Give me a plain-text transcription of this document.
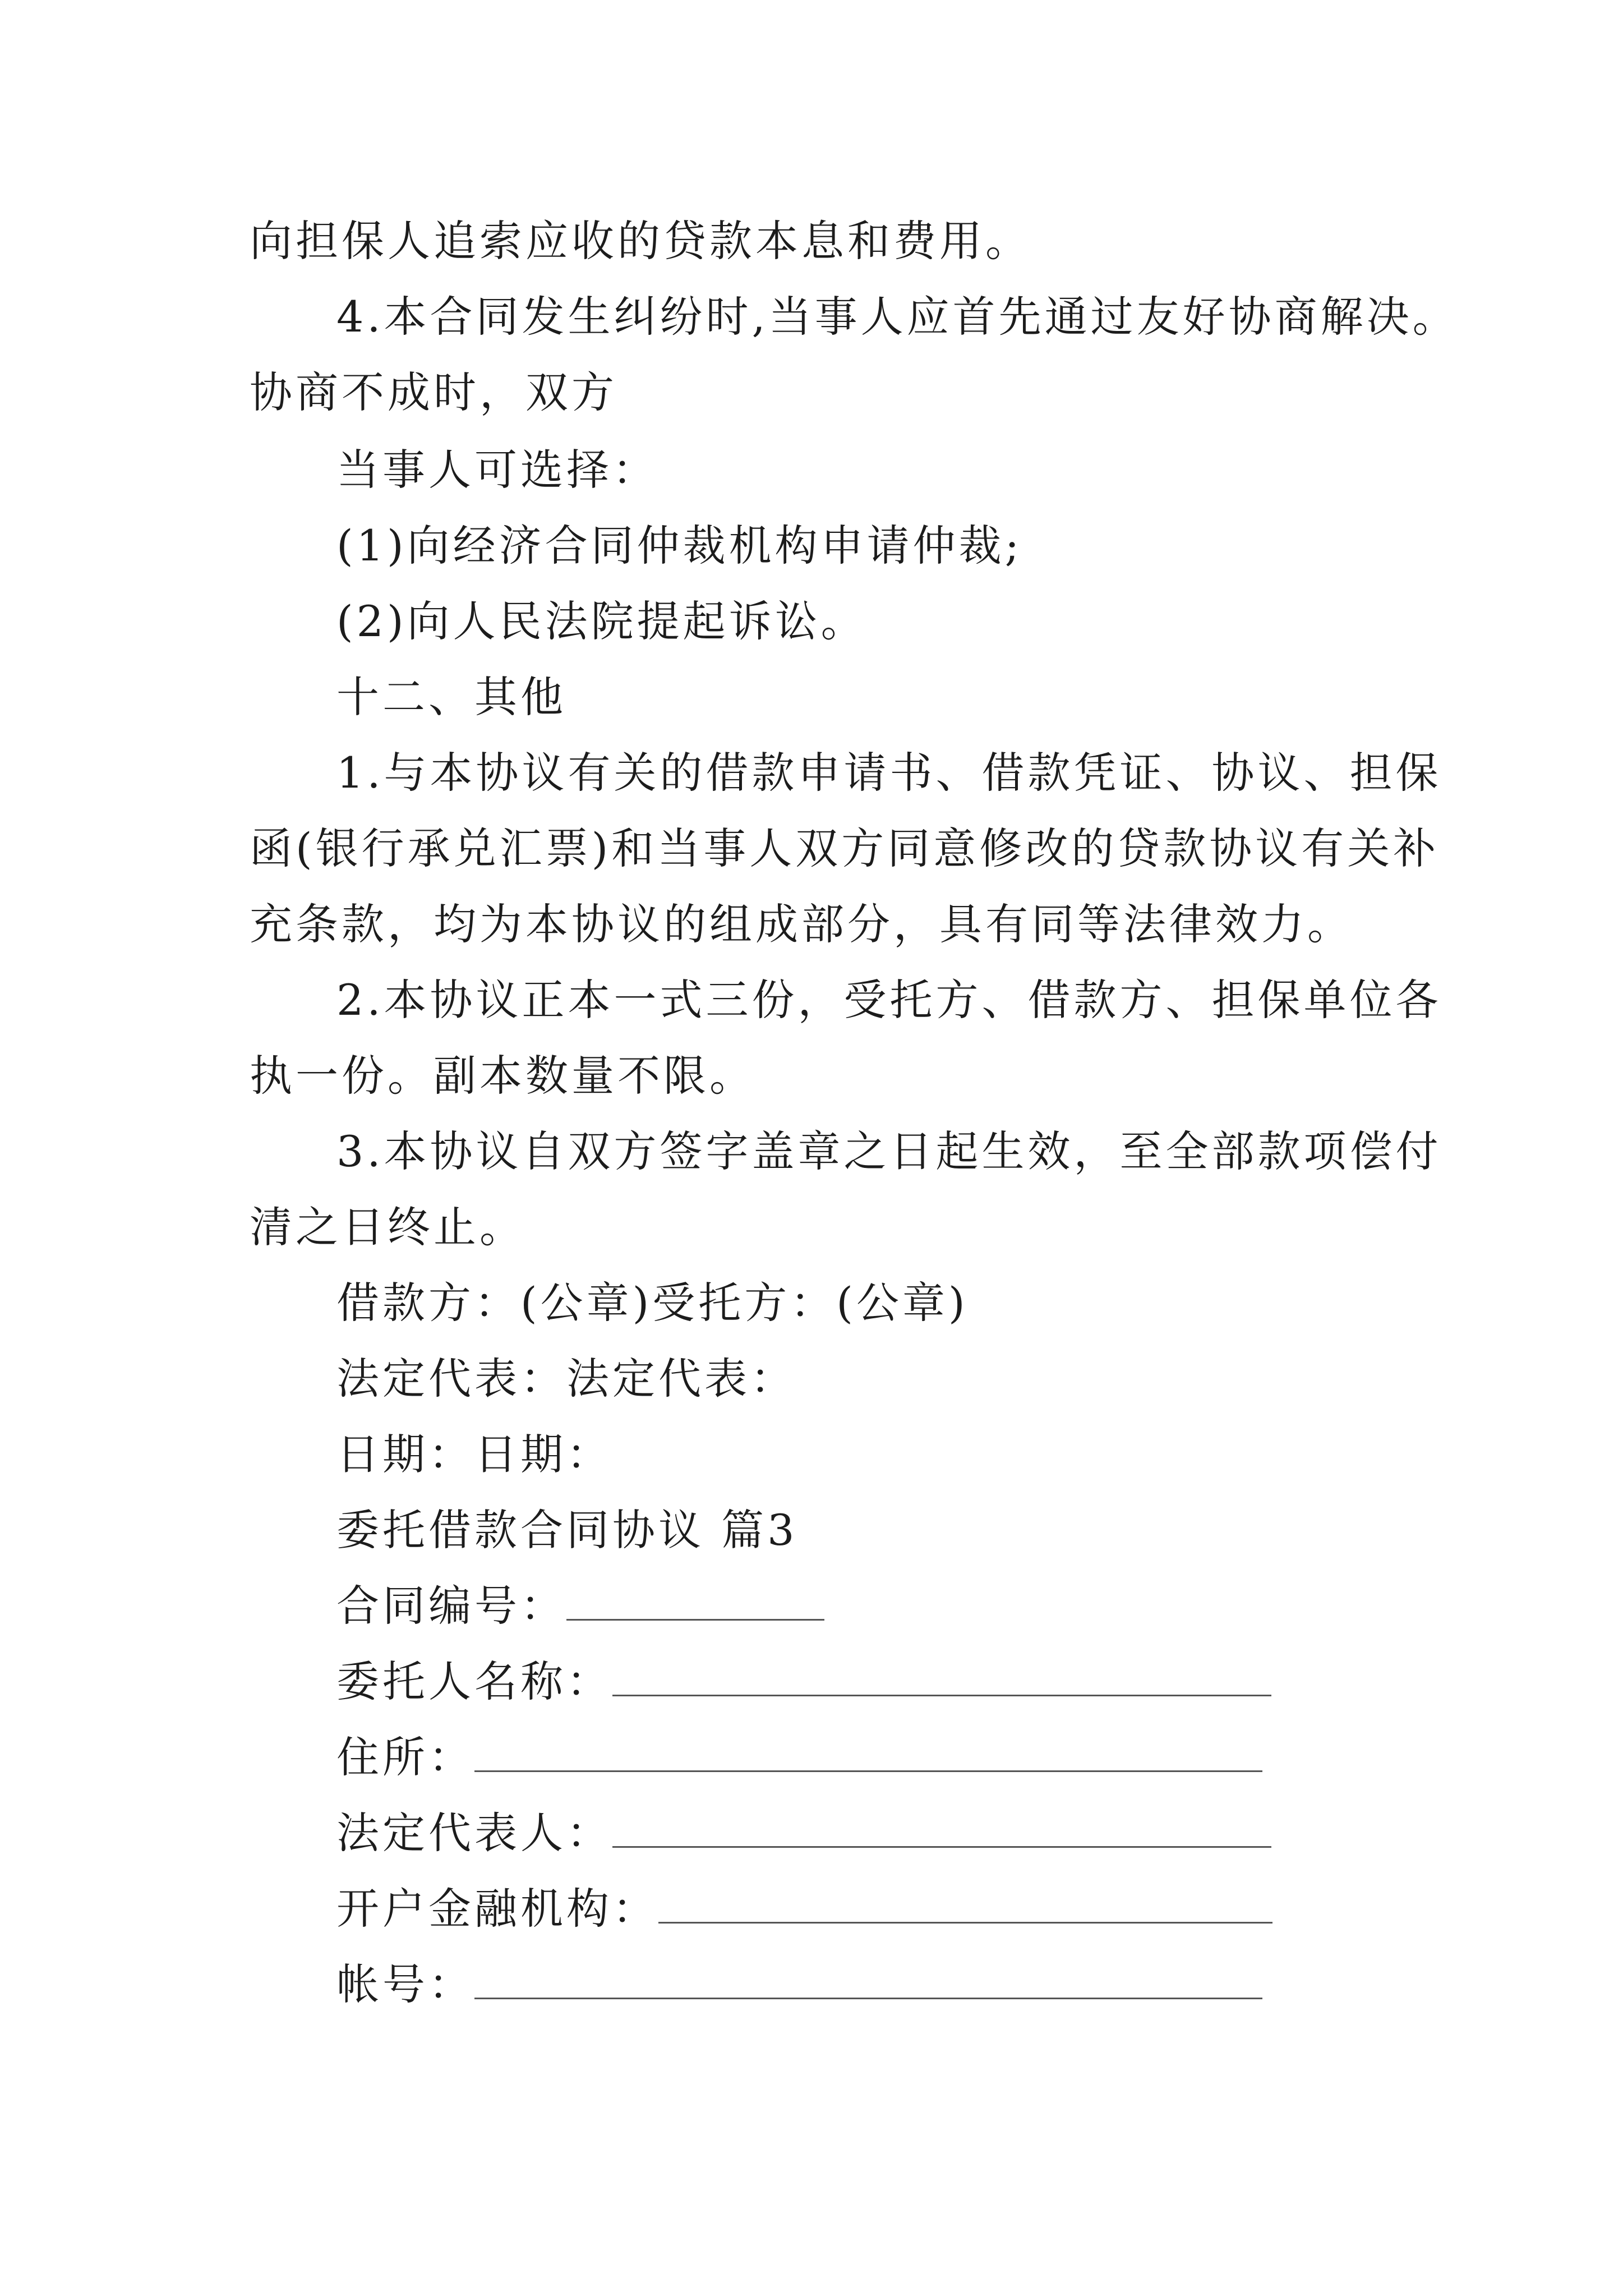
向担保人追索应收的贷款本息和费用。
4.本合同发生纠纷时,当事人应首先通过友好协商解决。
协商不成时，双方
当事人可选择：
(1)向经济合同仲裁机构申请仲裁;
(2)向人民法院提起诉讼。
十二、其他
1.与本协议有关的借款申请书、借款凭证、协议、担保
函(银行承兑汇票)和当事人双方同意修改的贷款协议有关补
充条款，均为本协议的组成部分，具有同等法律效力。
2.本协议正本一式三份，受托方、借款方、担保单位各
执一份。副本数量不限。
3.本协议自双方签字盖章之日起生效，至全部款项偿付
清之日终止。
借款方：(公章)受托方：(公章)
法定代表：法定代表：
日期：日期：
委托借款合同协议 篇3
合同编号：
委托人名称：
住所：
法定代表人：
开户金融机构：
帐号：
